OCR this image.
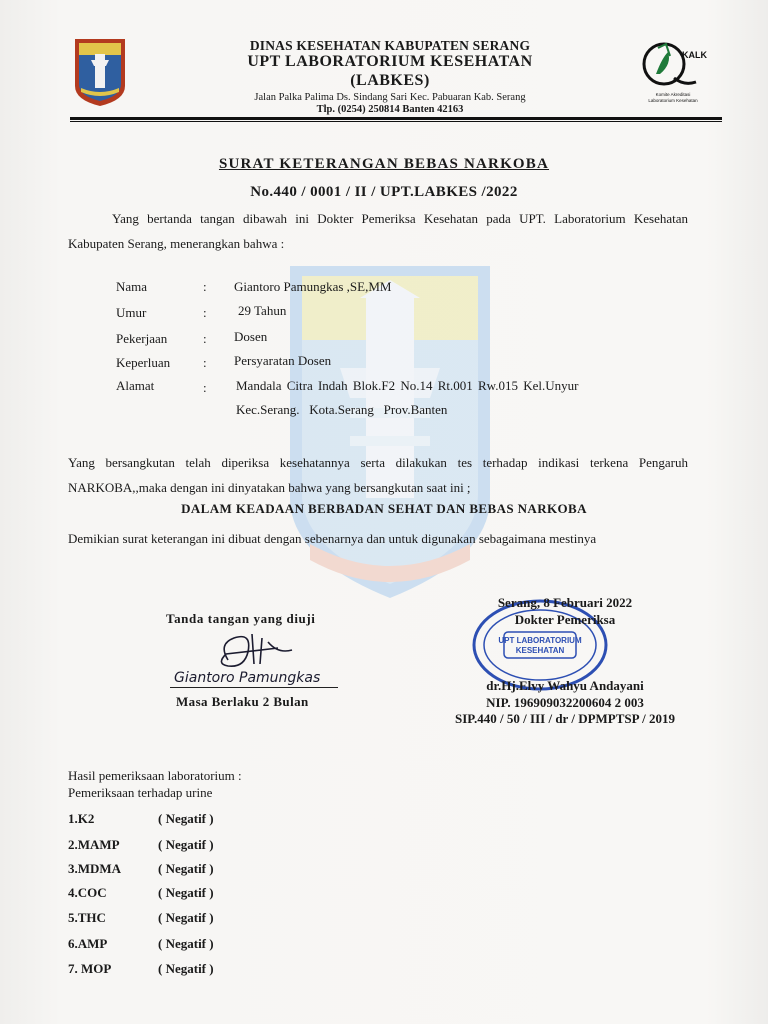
KALK
Komite Akreditasi
Laboratorium Kesehatan
DINAS KESEHATAN KABUPATEN SERANG
UPT LABORATORIUM KESEHATAN
(LABKES)
Jalan Palka Palima Ds. Sindang Sari Kec. Pabuaran Kab. Serang
Tlp. (0254) 250814 Banten 42163
SURAT KETERANGAN BEBAS NARKOBA
No.440 / 0001 / II / UPT.LABKES /2022
Yang bertanda tangan dibawah ini Dokter Pemeriksa Kesehatan pada UPT. Laboratorium Kesehatan Kabupaten Serang, menerangkan bahwa :
Nama	: Giantoro Pamungkas ,SE,MM
Umur	: 29 Tahun
Pekerjaan	: Dosen
Keperluan	: Persyaratan Dosen
Alamat	: Mandala Citra Indah Blok.F2 No.14 Rt.001 Rw.015 Kel.Unyur
Kec.Serang.   Kota.Serang   Prov.Banten
Yang bersangkutan telah diperiksa kesehatannya serta dilakukan tes terhadap indikasi terkena Pengaruh NARKOBA,,maka dengan ini dinyatakan bahwa yang bersangkutan saat ini ;
DALAM KEADAAN BERBADAN SEHAT DAN BEBAS NARKOBA
Demikian surat keterangan ini dibuat dengan sebenarnya dan untuk digunakan sebagaimana mestinya
Tanda tangan yang diuji
Giantoro Pamungkas
Masa Berlaku 2 Bulan
UPT LABORATORIUM
KESEHATAN
Serang, 8 Februari 2022
Dokter Pemeriksa
dr.Hj.Elvy Wahyu Andayani
NIP. 196909032200604 2 003
SIP.440 / 50 / III / dr / DPMPTSP / 2019
Hasil pemeriksaan laboratorium :
Pemeriksaan terhadap urine
1.K2	( Negatif )
2.MAMP	( Negatif )
3.MDMA	( Negatif )
4.COC	( Negatif )
5.THC	( Negatif )
6.AMP	( Negatif )
7. MOP	( Negatif )
